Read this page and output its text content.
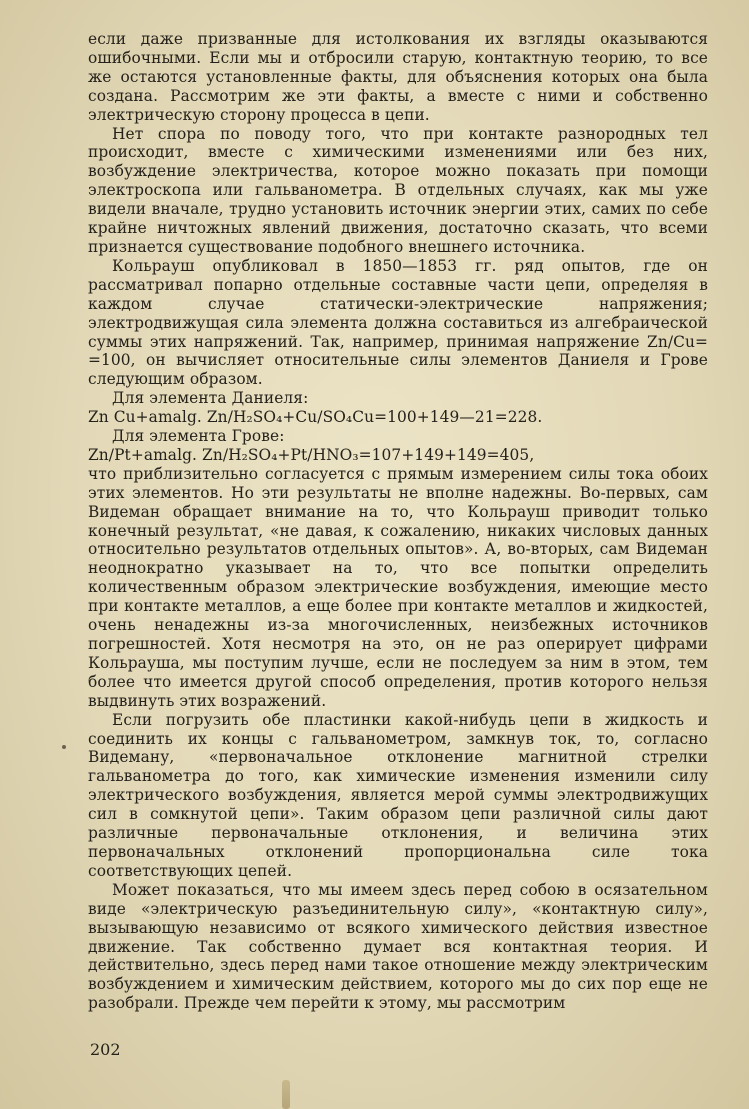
если даже призванные для истолкования их взгляды оказываются ошибочными. Если мы и отбросили старую, контактную теорию, то все же остаются установленные факты, для объяснения которых она была создана. Рассмотрим же эти факты, а вместе с ними и собственно электрическую сторону процесса в цепи.

Нет спора по поводу того, что при контакте разнородных тел происходит, вместе с химическими изменениями или без них, возбуждение электричества, которое можно показать при помощи электроскопа или гальванометра. В отдельных случаях, как мы уже видели вначале, трудно установить источник энергии этих, самих по себе крайне ничтожных явлений движения, достаточно сказать, что всеми признается существование подобного внешнего источника.

Кольрауш опубликовал в 1850—1853 гг. ряд опытов, где он рассматривал попарно отдельные составные части цепи, определяя в каждом случае статически-электрические напряжения; электродвижущая сила элемента должна составиться из алгебраической суммы этих напряжений. Так, например, принимая напряжение Zn/Cu= =100, он вычисляет относительные силы элементов Даниеля и Грове следующим образом.

Для элемента Даниеля:

Zn Cu+amalg. Zn/H₂SO₄+Cu/SO₄Cu=100+149—21=228.

Для элемента Грове:

Zn/Pt+amalg. Zn/H₂SO₄+Pt/HNO₃=107+149+149=405,

что приблизительно согласуется с прямым измерением силы тока обоих этих элементов. Но эти результаты не вполне надежны. Во-первых, сам Видеман обращает внимание на то, что Кольрауш приводит только конечный результат, «не давая, к сожалению, никаких числовых данных относительно результатов отдельных опытов». А, во-вторых, сам Видеман неоднократно указывает на то, что все попытки определить количественным образом электрические возбуждения, имеющие место при контакте металлов, а еще более при контакте металлов и жидкостей, очень ненадежны из-за многочисленных, неизбежных источников погрешностей. Хотя несмотря на это, он не раз оперирует цифрами Кольрауша, мы поступим лучше, если не последуем за ним в этом, тем более что имеется другой способ определения, против которого нельзя выдвинуть этих возражений.

Если погрузить обе пластинки какой-нибудь цепи в жидкость и соединить их концы с гальванометром, замкнув ток, то, согласно Видеману, «первоначальное отклонение магнитной стрелки гальванометра до того, как химические изменения изменили силу электрического возбуждения, является мерой суммы электродвижущих сил в сомкнутой цепи». Таким образом цепи различной силы дают различные первоначальные отклонения, и величина этих первоначальных отклонений пропорциональна силе тока соответствующих цепей.

Может показаться, что мы имеем здесь перед собою в осязательном виде «электрическую разъединительную силу», «контактную силу», вызывающую независимо от всякого химического действия известное движение. Так собственно думает вся контактная теория. И действительно, здесь перед нами такое отношение между электрическим возбуждением и химическим действием, которого мы до сих пор еще не разобрали. Прежде чем перейти к этому, мы рассмотрим

202
